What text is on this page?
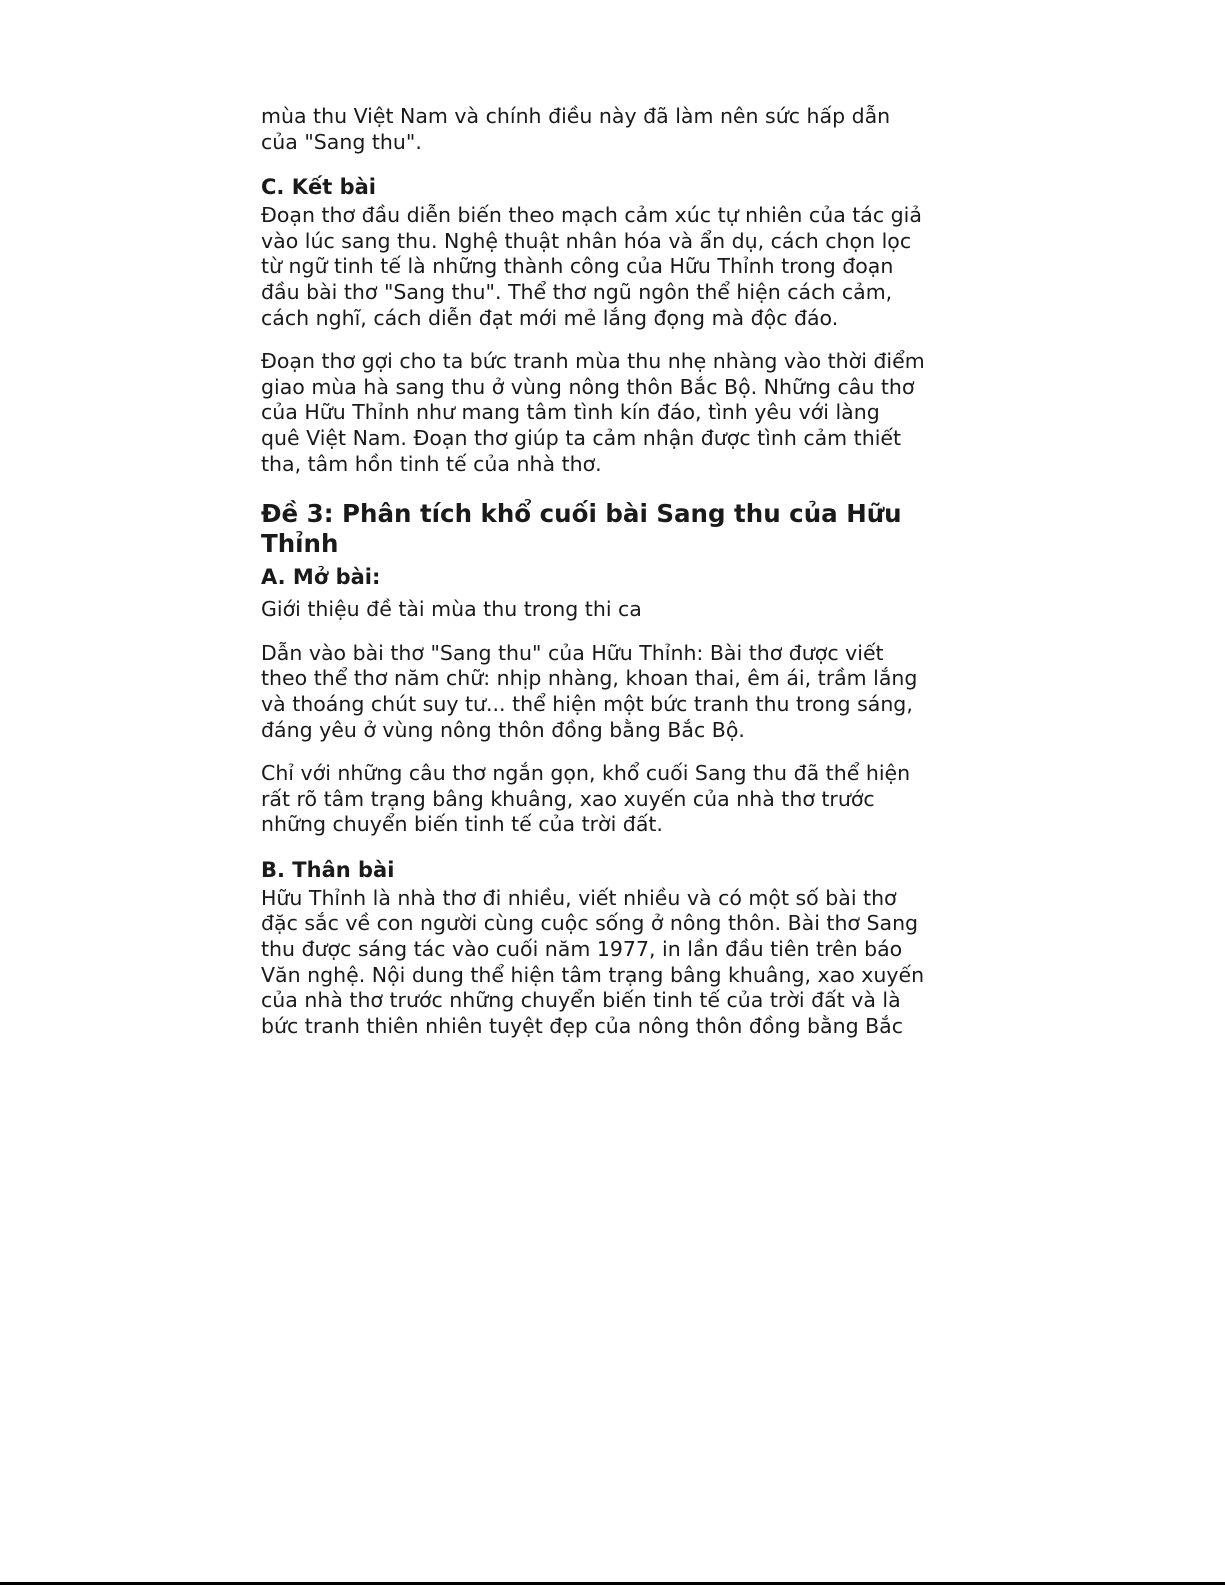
mùa thu Việt Nam và chính điều này đã làm nên sức hấp dẫn
của "Sang thu".

C. Kết bài

Đoạn thơ đầu diễn biến theo mạch cảm xúc tự nhiên của tác giả
vào lúc sang thu. Nghệ thuật nhân hóa và ẩn dụ, cách chọn lọc
từ ngữ tinh tế là những thành công của Hữu Thỉnh trong đoạn
đầu bài thơ "Sang thu". Thể thơ ngũ ngôn thể hiện cách cảm,
cách nghĩ, cách diễn đạt mới mẻ lắng đọng mà độc đáo.

Đoạn thơ gợi cho ta bức tranh mùa thu nhẹ nhàng vào thời điểm
giao mùa hà sang thu ở vùng nông thôn Bắc Bộ. Những câu thơ
của Hữu Thỉnh như mang tâm tình kín đáo, tình yêu với làng
quê Việt Nam. Đoạn thơ giúp ta cảm nhận được tình cảm thiết
tha, tâm hồn tinh tế của nhà thơ.

Đề 3: Phân tích khổ cuối bài Sang thu của Hữu
Thỉnh
A. Mở bài:

Giới thiệu đề tài mùa thu trong thi ca

Dẫn vào bài thơ "Sang thu" của Hữu Thỉnh: Bài thơ được viết
theo thể thơ năm chữ: nhịp nhàng, khoan thai, êm ái, trầm lắng
và thoáng chút suy tư... thể hiện một bức tranh thu trong sáng,
đáng yêu ở vùng nông thôn đồng bằng Bắc Bộ.

Chỉ với những câu thơ ngắn gọn, khổ cuối Sang thu đã thể hiện
rất rõ tâm trạng bâng khuâng, xao xuyến của nhà thơ trước
những chuyển biến tinh tế của trời đất.

B. Thân bài

Hữu Thỉnh là nhà thơ đi nhiều, viết nhiều và có một số bài thơ
đặc sắc về con người cùng cuộc sống ở nông thôn. Bài thơ Sang
thu được sáng tác vào cuối năm 1977, in lần đầu tiên trên báo
Văn nghệ. Nội dung thể hiện tâm trạng bâng khuâng, xao xuyến
của nhà thơ trước những chuyển biến tinh tế của trời đất và là
bức tranh thiên nhiên tuyệt đẹp của nông thôn đồng bằng Bắc
